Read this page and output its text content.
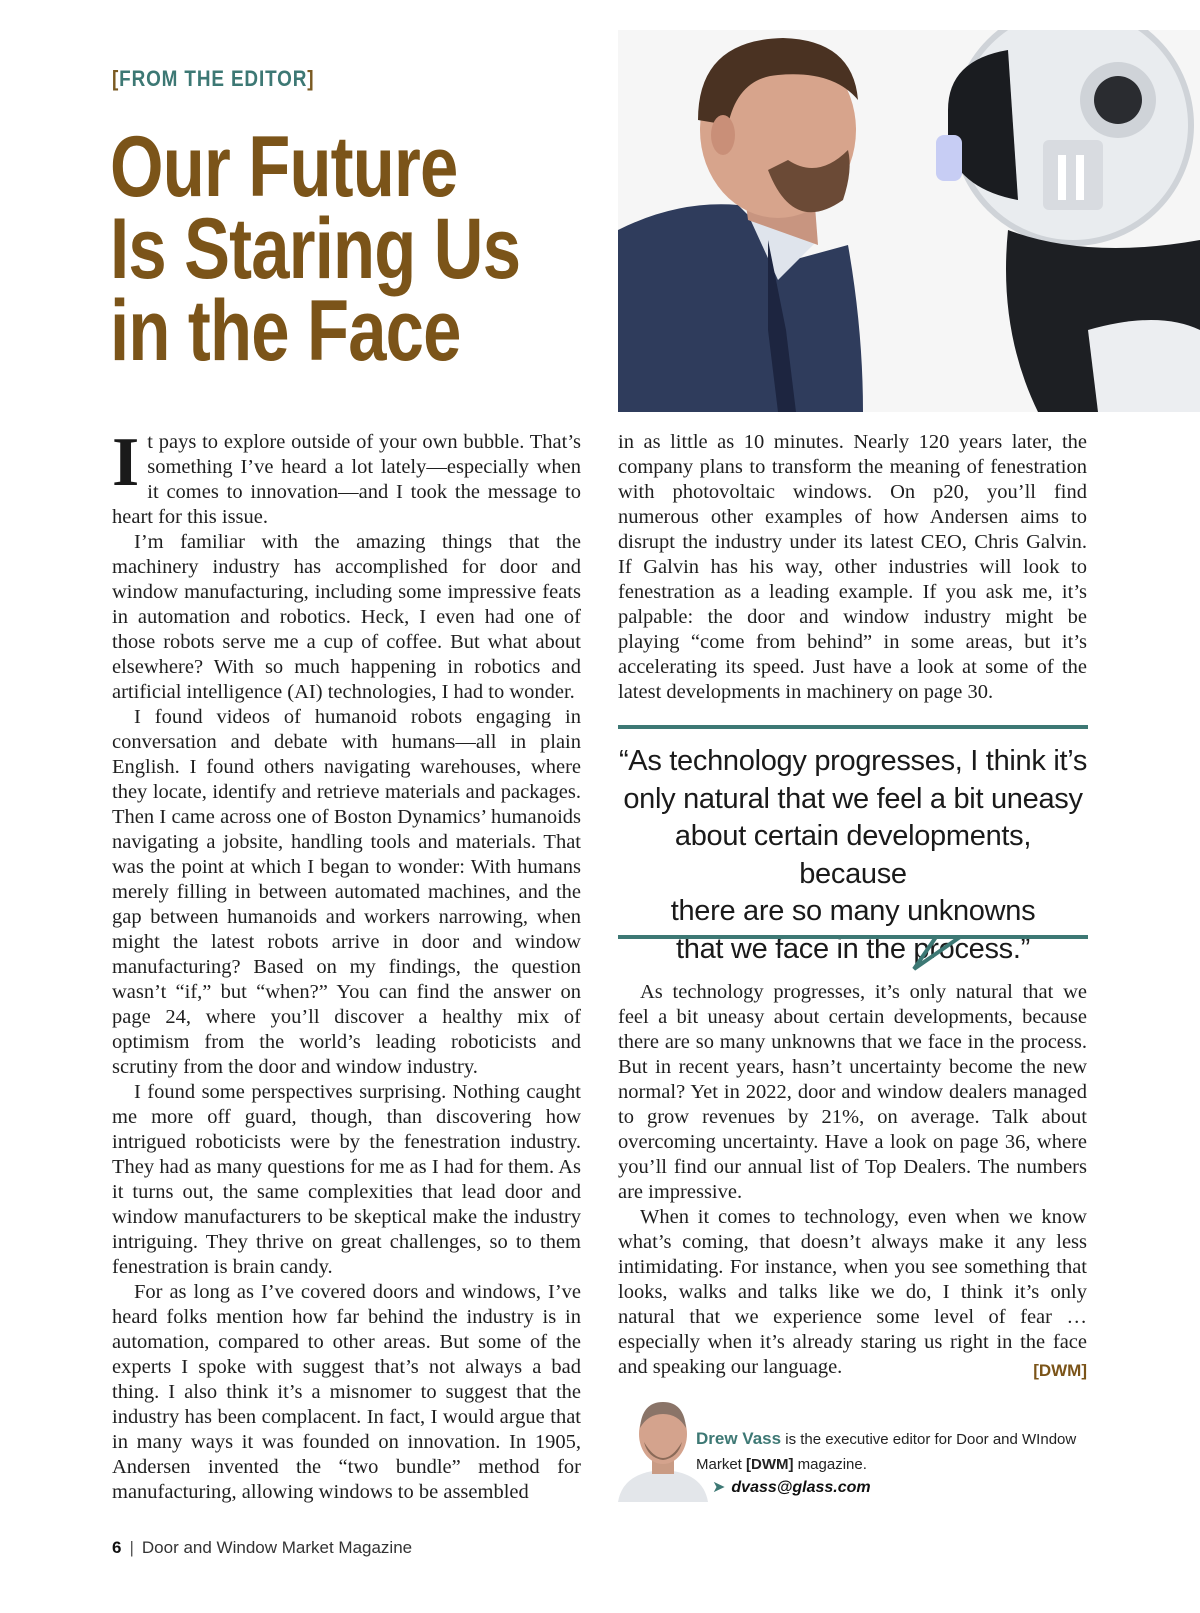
[FROM THE EDITOR]
Our Future
Is Staring Us
in the Face

It pays to explore outside of your own bubble. That’s something I’ve heard a lot lately—especially when it comes to innovation—and I took the message to heart for this issue.

I’m familiar with the amazing things that the machinery industry has accomplished for door and window manufacturing, including some impressive feats in automation and robotics. Heck, I even had one of those robots serve me a cup of coffee. But what about elsewhere? With so much happening in robotics and artificial intelligence (AI) technologies, I had to wonder.

I found videos of humanoid robots engaging in conversation and debate with humans—all in plain English. I found others navigating warehouses, where they locate, identify and retrieve materials and packages. Then I came across one of Boston Dynamics’ humanoids navigating a jobsite, handling tools and materials. That was the point at which I began to wonder: With humans merely filling in between automated machines, and the gap between humanoids and workers narrowing, when might the latest robots arrive in door and window manufacturing? Based on my findings, the question wasn’t “if,” but “when?” You can find the answer on page 24, where you’ll discover a healthy mix of optimism from the world’s leading roboticists and scrutiny from the door and window industry.

I found some perspectives surprising. Nothing caught me more off guard, though, than discovering how intrigued roboticists were by the fenestration industry. They had as many questions for me as I had for them. As it turns out, the same complexities that lead door and window manufacturers to be skeptical make the industry intriguing. They thrive on great challenges, so to them fenestration is brain candy.

For as long as I’ve covered doors and windows, I’ve heard folks mention how far behind the industry is in automation, compared to other areas. But some of the experts I spoke with suggest that’s not always a bad thing. I also think it’s a misnomer to suggest that the industry has been complacent. In fact, I would argue that in many ways it was founded on innovation. In 1905, Andersen invented the “two bundle” method for manufacturing, allowing windows to be assembled

in as little as 10 minutes. Nearly 120 years later, the company plans to transform the meaning of fenestration with photovoltaic windows. On p20, you’ll find numerous other examples of how Andersen aims to disrupt the industry under its latest CEO, Chris Galvin. If Galvin has his way, other industries will look to fenestration as a leading example. If you ask me, it’s palpable: the door and window industry might be playing “come from behind” in some areas, but it’s accelerating its speed. Just have a look at some of the latest developments in machinery on page 30.

“As technology progresses, I think it’s
only natural that we feel a bit uneasy
about certain developments, because
there are so many unknowns
that we face in the process.”

As technology progresses, it’s only natural that we feel a bit uneasy about certain developments, because there are so many unknowns that we face in the process. But in recent years, hasn’t uncertainty become the new normal? Yet in 2022, door and window dealers managed to grow revenues by 21%, on average. Talk about overcoming uncertainty. Have a look on page 36, where you’ll find our annual list of Top Dealers. The numbers are impressive.

When it comes to technology, even when we know what’s coming, that doesn’t always make it any less intimidating. For instance, when you see something that looks, walks and talks like we do, I think it’s only natural that we experience some level of fear … especially when it’s already staring us right in the face and speaking our language.	[DWM]

Drew Vass is the executive editor for Door and WIndow Market [DWM] magazine.
➤ dvass@glass.com
6 | Door and Window Market Magazine
